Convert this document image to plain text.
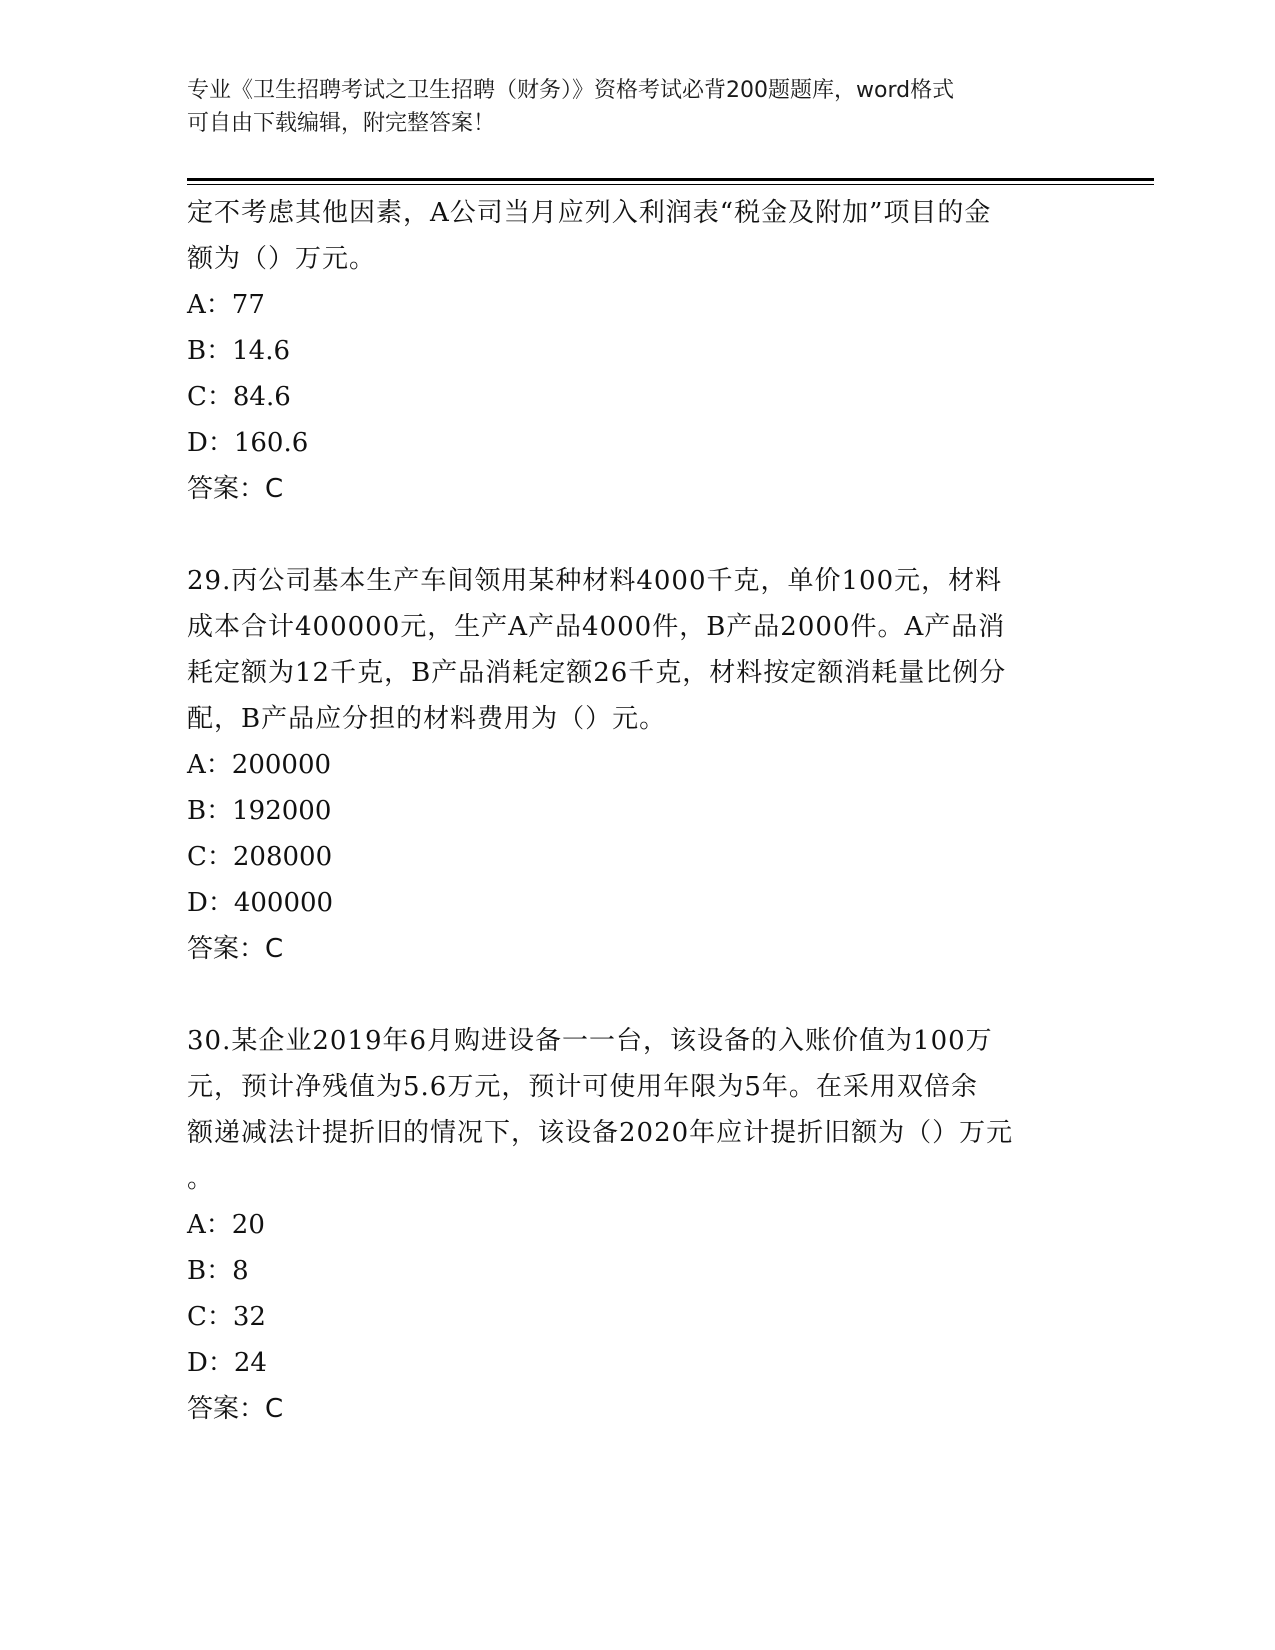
专业《卫生招聘考试之卫生招聘（财务）》资格考试必背200题题库，word格式
可自由下载编辑，附完整答案！

定不考虑其他因素，A公司当月应列入利润表“税金及附加”项目的金

额为（）万元。

A：77

B：14.6

C：84.6

D：160.6

答案：C

29.丙公司基本生产车间领用某种材料4000千克，单价100元，材料

成本合计400000元，生产A产品4000件，B产品2000件。A产品消

耗定额为12千克，B产品消耗定额26千克，材料按定额消耗量比例分

配，B产品应分担的材料费用为（）元。

A：200000

B：192000

C：208000

D：400000

答案：C

30.某企业2019年6月购进设备一一台，该设备的入账价值为100万

元，预计净残值为5.6万元，预计可使用年限为5年。在采用双倍余

额递减法计提折旧的情况下，该设备2020年应计提折旧额为（）万元

。

A：20

B：8

C：32

D：24

答案：C
